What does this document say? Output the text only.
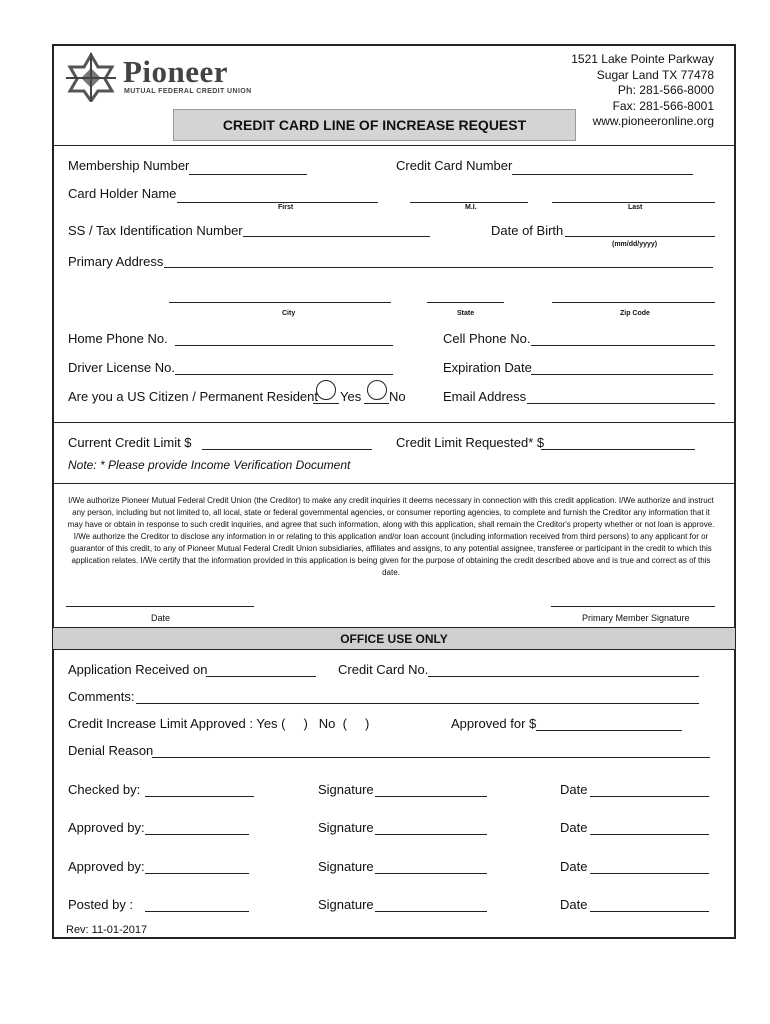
Pioneer
MUTUAL FEDERAL CREDIT UNION
1521 Lake Pointe Parkway
Sugar Land TX 77478
Ph: 281-566-8000
Fax: 281-566-8001
www.pioneeronline.org
CREDIT CARD LINE OF INCREASE REQUEST
Membership Number	Credit Card Number
Card Holder Name
First	M.I.	Last
SS / Tax Identification Number	Date of Birth
(mm/dd/yyyy)
Primary Address
City	State	Zip Code
Home Phone No.	Cell Phone No.
Driver License No.	Expiration Date
Are you a US Citizen / Permanent Resident Yes No	Email Address
Current Credit Limit $	Credit Limit Requested* $
Note: * Please provide Income Verification Document
I/We authorize Pioneer Mutual Federal Credit Union (the Creditor) to make any credit inquiries it deems necessary in connection with this credit application. I/We authorize and instruct any person, including but not limited to, all local, state or federal governmental agencies, or consumer reporting agencies, to complete and furnish the Creditor any information that it may have or obtain in response to such credit inquiries, and agree that such information, along with this application, shall remain the Creditor's property whether or not loan is approve. I/We authorize the Creditor to disclose any information in or relating to this application and/or loan account (including information received from third persons) to any applicant for or guarantor of this credit, to any of Pioneer Mutual Federal Credit Union subsidiaries, affiliates and assigns, to any potential assignee, transferee or participant in the credit to which this application relates. I/We certify that the information provided in this application is being given for the purpose of obtaining the credit described above and is true and correct as of this date.
Date	Primary Member Signature
OFFICE USE ONLY
Application Received on	Credit Card No.
Comments:
Credit Increase Limit Approved : Yes (     )   No  (     )	Approved for $
Denial Reason
Checked by:	Signature	Date
Approved by:	Signature	Date
Approved by:	Signature	Date
Posted by :	Signature	Date
Rev: 11-01-2017
